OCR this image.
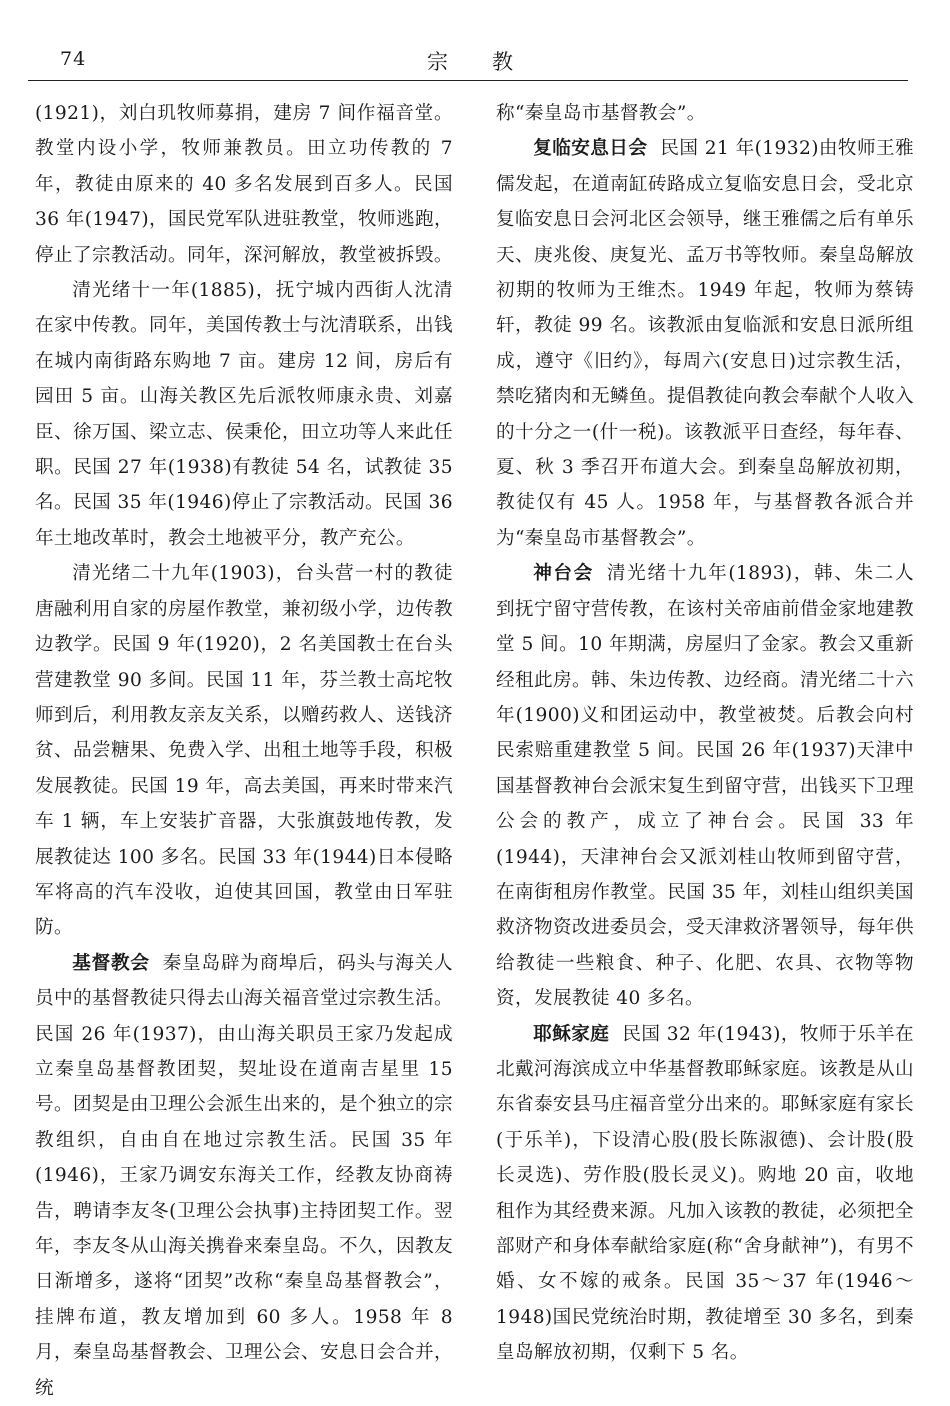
74	宗教

(1921)，刘白玑牧师募捐，建房 7 间作福音堂。教堂内设小学，牧师兼教员。田立功传教的 7 年，教徒由原来的 40 多名发展到百多人。民国 36 年(1947)，国民党军队进驻教堂，牧师逃跑，停止了宗教活动。同年，深河解放，教堂被拆毁。

清光绪十一年(1885)，抚宁城内西街人沈清在家中传教。同年，美国传教士与沈清联系，出钱在城内南街路东购地 7 亩。建房 12 间，房后有园田 5 亩。山海关教区先后派牧师康永贵、刘嘉臣、徐万国、梁立志、侯秉伦，田立功等人来此任职。民国 27 年(1938)有教徒 54 名，试教徒 35 名。民国 35 年(1946)停止了宗教活动。民国 36 年土地改革时，教会土地被平分，教产充公。

清光绪二十九年(1903)，台头营一村的教徒唐融利用自家的房屋作教堂，兼初级小学，边传教边教学。民国 9 年(1920)，2 名美国教士在台头营建教堂 90 多间。民国 11 年，芬兰教士高坨牧师到后，利用教友亲友关系，以赠药救人、送钱济贫、品尝糖果、免费入学、出租土地等手段，积极发展教徒。民国 19 年，高去美国，再来时带来汽车 1 辆，车上安装扩音器，大张旗鼓地传教，发展教徒达 100 多名。民国 33 年(1944)日本侵略军将高的汽车没收，迫使其回国，教堂由日军驻防。

基督教会 秦皇岛辟为商埠后，码头与海关人员中的基督教徒只得去山海关福音堂过宗教生活。民国 26 年(1937)，由山海关职员王家乃发起成立秦皇岛基督教团契，契址设在道南吉星里 15 号。团契是由卫理公会派生出来的，是个独立的宗教组织，自由自在地过宗教生活。民国 35 年(1946)，王家乃调安东海关工作，经教友协商祷告，聘请李友冬(卫理公会执事)主持团契工作。翌年，李友冬从山海关携眷来秦皇岛。不久，因教友日渐增多，遂将“团契”改称“秦皇岛基督教会”，挂牌布道，教友增加到 60 多人。1958 年 8 月，秦皇岛基督教会、卫理公会、安息日会合并，统

称“秦皇岛市基督教会”。

复临安息日会 民国 21 年(1932)由牧师王雅儒发起，在道南缸砖路成立复临安息日会，受北京复临安息日会河北区会领导，继王雅儒之后有单乐天、庚兆俊、庚复光、孟万书等牧师。秦皇岛解放初期的牧师为王维杰。1949 年起，牧师为蔡铸轩，教徒 99 名。该教派由复临派和安息日派所组成，遵守《旧约》，每周六(安息日)过宗教生活，禁吃猪肉和无鳞鱼。提倡教徒向教会奉献个人收入的十分之一(什一税)。该教派平日查经，每年春、夏、秋 3 季召开布道大会。到秦皇岛解放初期，教徒仅有 45 人。1958 年，与基督教各派合并为“秦皇岛市基督教会”。

神台会 清光绪十九年(1893)，韩、朱二人到抚宁留守营传教，在该村关帝庙前借金家地建教堂 5 间。10 年期满，房屋归了金家。教会又重新经租此房。韩、朱边传教、边经商。清光绪二十六年(1900)义和团运动中，教堂被焚。后教会向村民索赔重建教堂 5 间。民国 26 年(1937)天津中国基督教神台会派宋复生到留守营，出钱买下卫理公会的教产，成立了神台会。民国 33 年(1944)，天津神台会又派刘桂山牧师到留守营，在南街租房作教堂。民国 35 年，刘桂山组织美国救济物资改进委员会，受天津救济署领导，每年供给教徒一些粮食、种子、化肥、农具、衣物等物资，发展教徒 40 多名。

耶稣家庭 民国 32 年(1943)，牧师于乐羊在北戴河海滨成立中华基督教耶稣家庭。该教是从山东省泰安县马庄福音堂分出来的。耶稣家庭有家长(于乐羊)，下设清心股(股长陈淑德)、会计股(股长灵选)、劳作股(股长灵义)。购地 20 亩，收地租作为其经费来源。凡加入该教的教徒，必须把全部财产和身体奉献给家庭(称“舍身献神”)，有男不婚、女不嫁的戒条。民国 35～37 年(1946～1948)国民党统治时期，教徒增至 30 多名，到秦皇岛解放初期，仅剩下 5 名。
